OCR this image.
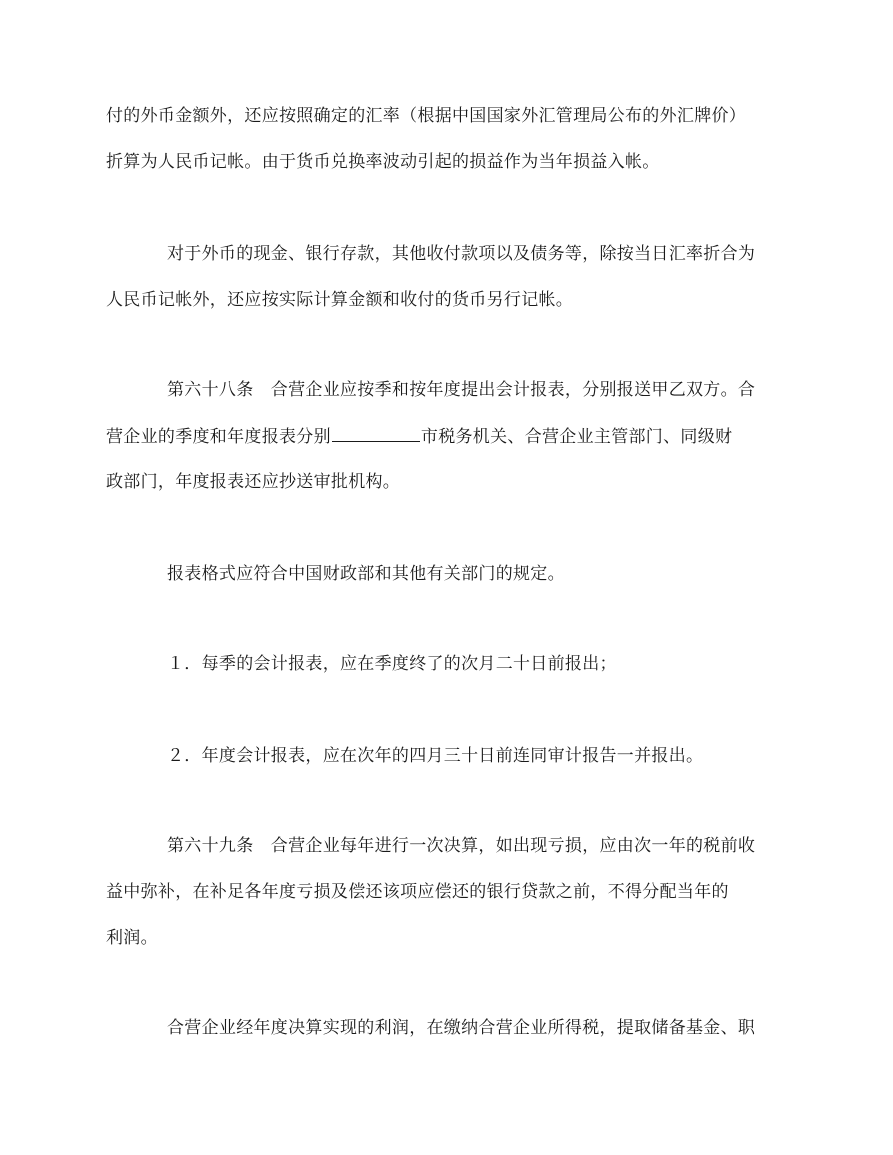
付的外币金额外，还应按照确定的汇率（根据中国国家外汇管理局公布的外汇牌价）
折算为人民币记帐。由于货币兑换率波动引起的损益作为当年损益入帐。
对于外币的现金、银行存款，其他收付款项以及债务等，除按当日汇率折合为
人民币记帐外，还应按实际计算金额和收付的货币另行记帐。
第六十八条　合营企业应按季和按年度提出会计报表，分别报送甲乙双方。合
营企业的季度和年度报表分别	市税务机关、合营企业主管部门、同级财
政部门，年度报表还应抄送审批机构。
报表格式应符合中国财政部和其他有关部门的规定。
１．每季的会计报表，应在季度终了的次月二十日前报出；
２．年度会计报表，应在次年的四月三十日前连同审计报告一并报出。
第六十九条　合营企业每年进行一次决算，如出现亏损，应由次一年的税前收
益中弥补，在补足各年度亏损及偿还该项应偿还的银行贷款之前，不得分配当年的
利润。
合营企业经年度决算实现的利润，在缴纳合营企业所得税，提取储备基金、职
